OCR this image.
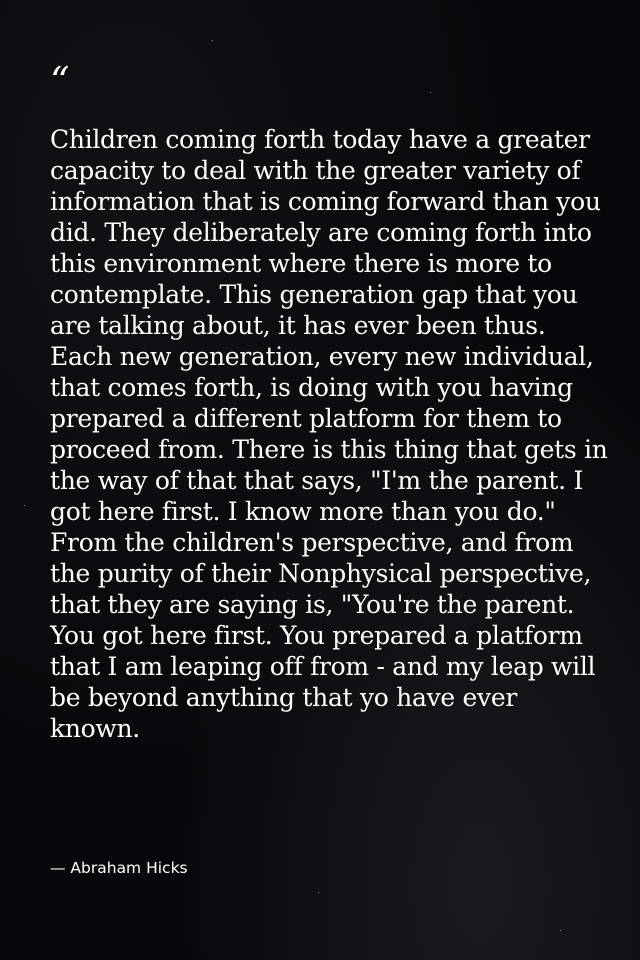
“

Children coming forth today have a greater capacity to deal with the greater variety of information that is coming forward than you did. They deliberately are coming forth into this environment where there is more to contemplate. This generation gap that you are talking about, it has ever been thus. Each new generation, every new individual, that comes forth, is doing with you having prepared a different platform for them to proceed from. There is this thing that gets in the way of that that says, "I'm the parent. I got here first. I know more than you do." From the children's perspective, and from the purity of their Nonphysical perspective, that they are saying is, "You're the parent. You got here first. You prepared a platform that I am leaping off from - and my leap will be beyond anything that yo have ever known.

— Abraham Hicks
